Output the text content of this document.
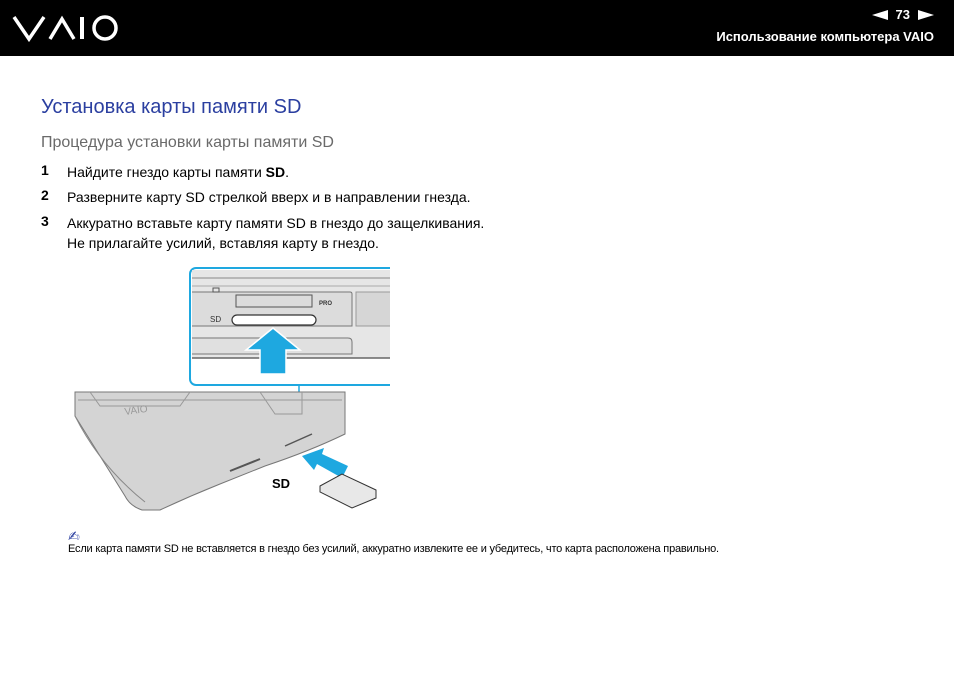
73
Использование компьютера VAIO
Установка карты памяти SD
Процедура установки карты памяти SD
1 Найдите гнездо карты памяти SD.
2 Разверните карту SD стрелкой вверх и в направлении гнезда.
3 Аккуратно вставьте карту памяти SD в гнездо до защелкивания.
Не прилагайте усилий, вставляя карту в гнездо.
PRO
SD
VAIO
SD
✍
Если карта памяти SD не вставляется в гнездо без усилий, аккуратно извлеките ее и убедитесь, что карта расположена правильно.
